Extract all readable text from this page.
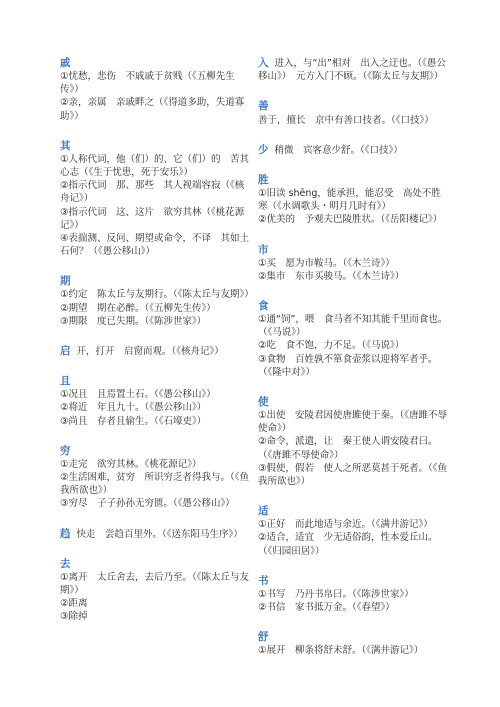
戚
①忧愁，悲伤　不戚戚于贫贱（《五柳先生传》）
②亲，亲属　亲戚畔之（《得道多助，失道寡助》）
其
①人称代词，他（们）的、它（们）的　苦其心志（《生于忧患，死于安乐》）
②指示代词　那、那些　其人视端容寂（《核舟记》）
③指示代词　这、这片　欲穷其林（《桃花源记》）
④表揣测、反问、期望或命令，不译　其如土石何？（《愚公移山》）
期
①约定　陈太丘与友期行。（《陈太丘与友期》）
②期望　期在必醉。（《五柳先生传》）
③期限　度已失期。（《陈涉世家》）
启 开，打开　启窗而观。（《核舟记》）
且
①况且　且焉置土石。（《愚公移山》）
②将近　年且九十。（《愚公移山》）
③尚且　存者且偷生。（《石壕吏》）
穷
①走完　欲穷其林。《桃花源记》）
②生活困难，贫穷　所识穷乏者得我与。（《鱼我所欲也》）
③穷尽　子子孙孙无穷匮。（《愚公移山》）
趋 快走　尝趋百里外。（《送东阳马生序》）
去
①离开　太丘舍去，去后乃至。（《陈太丘与友期》）
②距离
③除掉
入 进入，与“出”相对　出入之迂也。（《愚公移山》）　元方入门不顾。（《陈太丘与友期》）
善善于，擅长　京中有善口技者。（《口技》）
少 稍微　宾客意少舒。（《口技》）
胜
①旧读 shēng，能承担，能忍受　高处不胜寒（《水调歌头・明月几时有》）
②优美的　予观夫巴陵胜状。（《岳阳楼记》）
市
①买　愿为市鞍马。（《木兰诗》）
②集市　东市买骏马。（《木兰诗》）
食
①通“饲”，喂　食马者不知其能千里而食也。（《马说》）
②吃　食不饱，力不足。（《马说》）
③食物　百姓孰不箪食壶浆以迎将军者乎。（《隆中对》）
使
①出使　安陵君因使唐雎使于秦。（《唐雎不辱使命》）
②命令，派遣，让　秦王使人谓安陵君曰。（《唐雎不辱使命》）
③假使，假若　使人之所恶莫甚于死者。（《鱼我所欲也》）
适
①正好　而此地适与余近。（《满井游记》）
②适合，适宜　少无适俗韵，性本爱丘山。（《归园田居》）
书
①书写　乃丹书帛曰。（《陈涉世家》）
②书信　家书抵万金。（《春望》）
舒
①展开　柳条将舒未舒。（《满井游记》）
